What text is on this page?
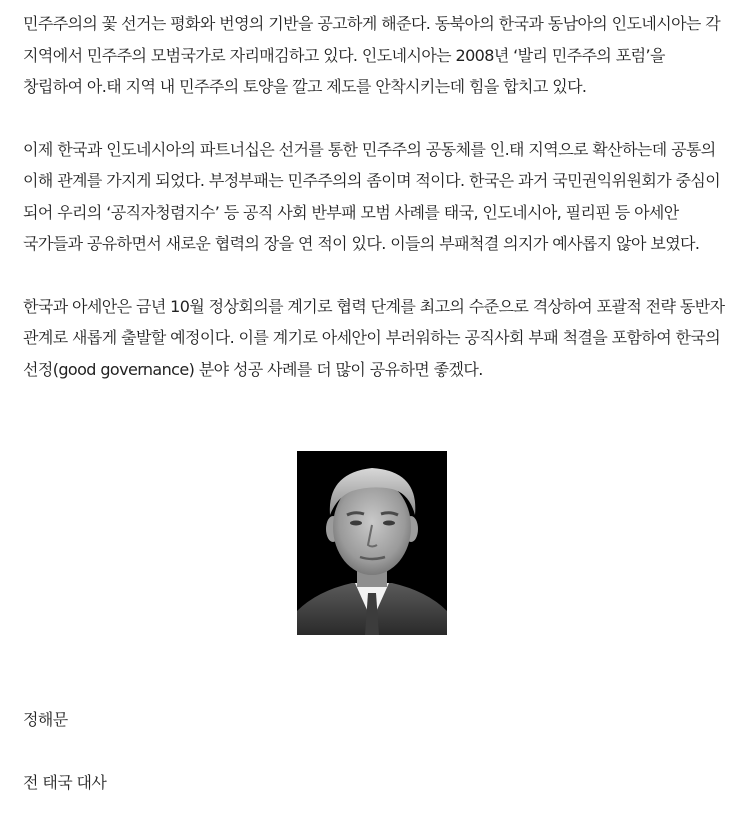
민주주의의 꽃 선거는 평화와 번영의 기반을 공고하게 해준다. 동북아의 한국과 동남아의 인도네시아는 각 지역에서 민주주의 모범국가로 자리매김하고 있다. 인도네시아는 2008년 ‘발리 민주주의 포럼’을 창립하여 아.태 지역 내 민주주의 토양을 깔고 제도를 안착시키는데 힘을 합치고 있다.

이제 한국과 인도네시아의 파트너십은 선거를 통한 민주주의 공동체를 인.태 지역으로 확산하는데 공통의 이해 관계를 가지게 되었다. 부정부패는 민주주의의 좀이며 적이다. 한국은 과거 국민권익위원회가 중심이 되어 우리의 ‘공직자청렴지수’ 등 공직 사회 반부패 모범 사례를 태국, 인도네시아, 필리핀 등 아세안 국가들과 공유하면서 새로운 협력의 장을 연 적이 있다. 이들의 부패척결 의지가 예사롭지 않아 보였다.

한국과 아세안은 금년 10월 정상회의를 계기로 협력 단계를 최고의 수준으로 격상하여 포괄적 전략 동반자 관계로 새롭게 출발할 예정이다. 이를 계기로 아세안이 부러워하는 공직사회 부패 척결을 포함하여 한국의 선정(good governance) 분야 성공 사례를 더 많이 공유하면 좋겠다.

정해문
전 태국 대사
